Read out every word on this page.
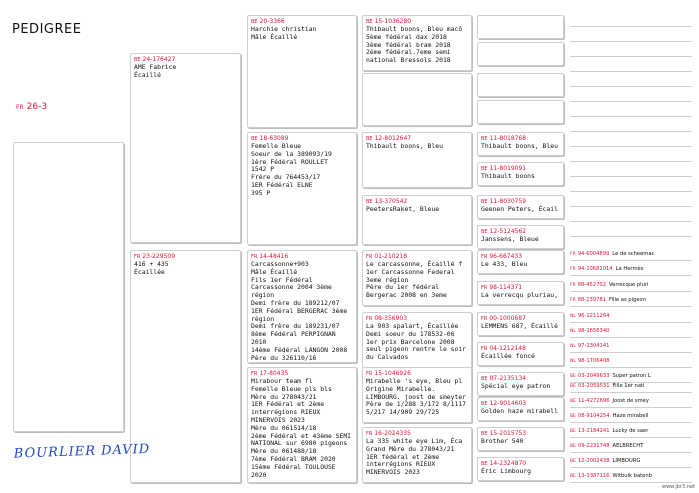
PEDIGREE
FR 26-3
BE 24-176427
AME Fabrice
Écaillé
FR 23-229509
416 + 435
Écaillée
BE 20-3366
Harchie christian
Mâle Écaillé
BE 18-63089
Femelle Bleue
Soeur de la 389093/19
1ère Fédéral ROULLET
1542 P
Frère du 764453/17
1ER Fédéral ELNE
395 P
FR 14-48416
Carcassonne+903
Mâle Écaillé
Fils 1er Fédéral
Carcassonne 2004 3ème
région
Demi frère du 189212/07
1ER Fédéral BERGERAC 3ème
région
Demi frère du 189231/07
8ème Fédéral PERPIGNAN
2010
14ème Fédéral LANGON 2008
Père du 326110/16
FR 17-80435
Mirabour team fl
Femelle Bleue pls bls
Mère du 278043/21
1ER Fédéral et 2ème
interrégions RIEUX
MINERVOIS 2023
Mère du 061514/18
2ème Fédéral et 43ème SEMI
NATIONAL sur 6980 pigeons
Mère du 061488/18
7ème Fédéral BRAM 2020
15ème Fédéral TOULOUSE
2020
BE 15-1036280
Thibault boons, Bleu macô
5ème fédéral dax 2018
3ème fédéral bram 2018
2ème fédéral.7eme semi
national Bressols 2018
BE 12-8012647
Thibault boons, Bleu
BE 13-370542
PeetersRaket, Bleue
FR 01-210218
Le carcassonne, Écaillé f
1er Carcassonne Federal
3eme région
Père du 1er fédéral
Bergerac 2008 en 3eme
FR 08-356903
La 903 spalart, Écaillée
Demi soeur du 178532-06
1er prix Barcelone 2008
seul pigeon rentre le soir
du Calvados
FR 15-1046926
Mirabelle 's eye, Bleu pl
Origine Mirabelle.
LIMBOURG. joost de smeyter
Père de 1/288 3/172 8/1117
5/217 14/909 29/725
FR 16-2024335
La 335 white eye Lim, Éca
Grand Mère du 278043/21
1ER fédéral et 2ème
interrégions RIEUX
MINERVOIS 2023
BE 11-8018768
Thibault boons, Bleu
BE 11-8019091
Thibault boons
BE 11-8030759
Geenen Peters, Écail
BE 12-5124562
Janssens, Bleue
FR 96-667433
Le 433, Bleu
FR 98-114371
La verrecqu pluriau,
FR 00-1000687
LEMMENS 687, Écaillé
FR 04-1212148
Écaillée foncé
BE 07-2135134
Spécial eye patron
BE 12-9014603
Golden haze mirabell
BE 15-2015753
Brother 540
BE 14-2324870
Éric Limbourg
FR 94-6004899 Le de scheemac
FR 94-10681014 La Hermès
FR 88-452702 Verrecque pluri
FR 88-239781 Fille as pigeon
NL 96-1211264
NL 98-1656340
NL 97-2304141
NL 98-1706408
BE 03-2049633 Super patron L
BE 03-2059531 Fille 1er nati
BE 11-4272696 Joost de smey
BE 08-9104254 Haze mirabell
BE 13-2184241 Lucky de saer
BE 09-2231748 AELBRECHT
BE 12-2002438 LIMBOURG
BE 13-3387116 Witbuik batenb
BOURLIER DAVID
www.jbr3.net
